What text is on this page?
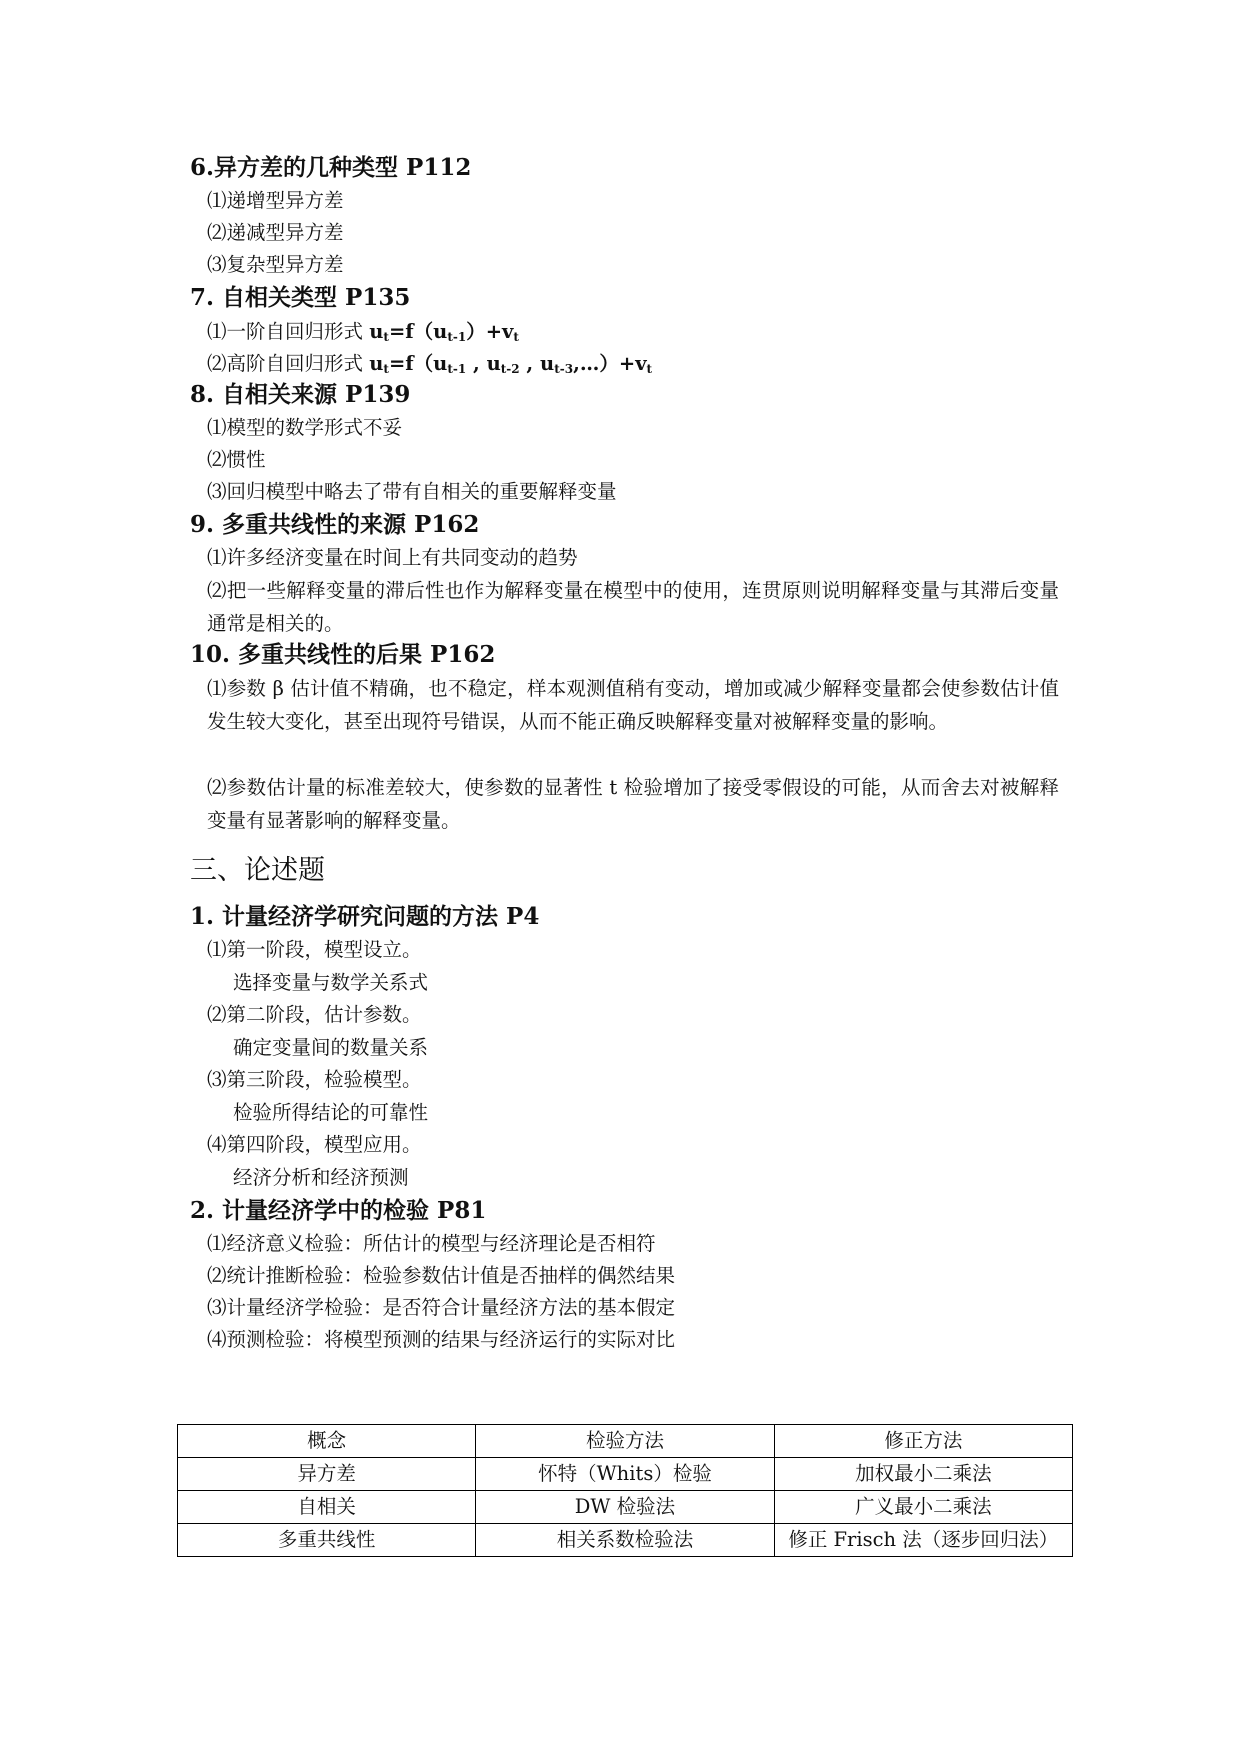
6.异方差的几种类型 P112
⑴递增型异方差
⑵递减型异方差
⑶复杂型异方差
7. 自相关类型 P135
⑴一阶自回归形式 $u_t=f(u_{t-1})+v_t$
⑵高阶自回归形式 $u_t=f(u_{t-1}$ , $u_{t-2}$ , $u_{t-3},\dots)+v_t$
8. 自相关来源 P139
⑴模型的数学形式不妥
⑵惯性
⑶回归模型中略去了带有自相关的重要解释变量
9. 多重共线性的来源 P162
⑴许多经济变量在时间上有共同变动的趋势
⑵把一些解释变量的滞后性也作为解释变量在模型中的使用，连贯原则说明解释变量与其滞后变量通常是相关的。
10. 多重共线性的后果 P162
⑴参数 β 估计值不精确，也不稳定，样本观测值稍有变动，增加或减少解释变量都会使参数估计值发生较大变化，甚至出现符号错误，从而不能正确反映解释变量对被解释变量的影响。
⑵参数估计量的标准差较大，使参数的显著性 t 检验增加了接受零假设的可能，从而舍去对被解释变量有显著影响的解释变量。
三、论述题
1. 计量经济学研究问题的方法 P4
⑴第一阶段，模型设立。
选择变量与数学关系式
⑵第二阶段，估计参数。
确定变量间的数量关系
⑶第三阶段，检验模型。
检验所得结论的可靠性
⑷第四阶段，模型应用。
经济分析和经济预测
2. 计量经济学中的检验 P81
⑴经济意义检验：所估计的模型与经济理论是否相符
⑵统计推断检验：检验参数估计值是否抽样的偶然结果
⑶计量经济学检验：是否符合计量经济方法的基本假定
⑷预测检验：将模型预测的结果与经济运行的实际对比
概念	检验方法	修正方法
异方差	怀特（Whits）检验	加权最小二乘法
自相关	DW 检验法	广义最小二乘法
多重共线性	相关系数检验法	修正 Frisch 法（逐步回归法）
